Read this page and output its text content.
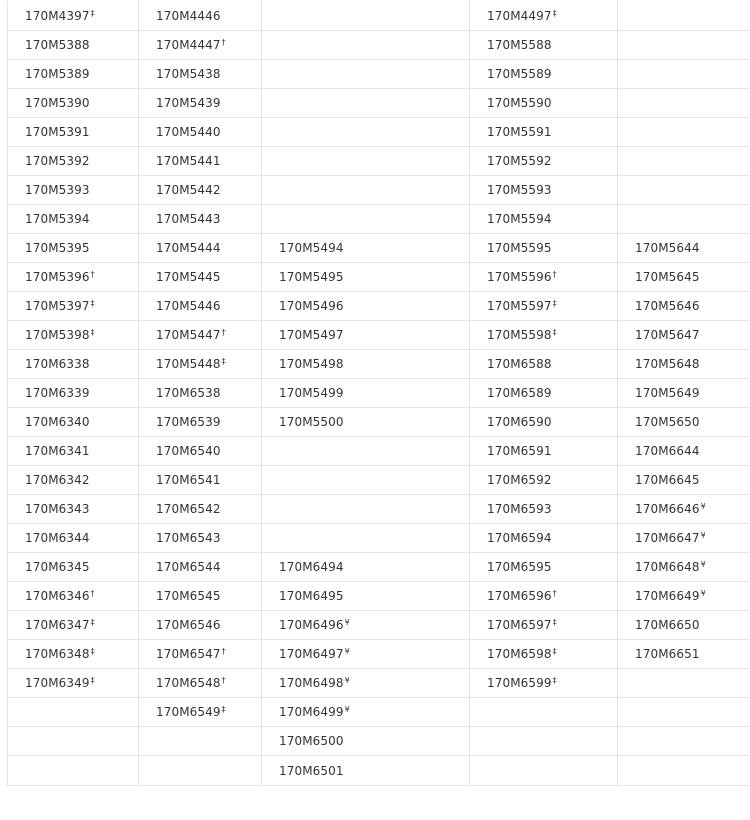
170M4397‡	170M4446		170M4497‡	
170M5388	170M4447†		170M5588	
170M5389	170M5438		170M5589	
170M5390	170M5439		170M5590	
170M5391	170M5440		170M5591	
170M5392	170M5441		170M5592	
170M5393	170M5442		170M5593	
170M5394	170M5443		170M5594	
170M5395	170M5444	170M5494	170M5595	170M5644
170M5396†	170M5445	170M5495	170M5596†	170M5645
170M5397‡	170M5446	170M5496	170M5597‡	170M5646
170M5398‡	170M5447†	170M5497	170M5598‡	170M5647
170M6338	170M5448‡	170M5498	170M6588	170M5648
170M6339	170M6538	170M5499	170M6589	170M5649
170M6340	170M6539	170M5500	170M6590	170M5650
170M6341	170M6540		170M6591	170M6644
170M6342	170M6541		170M6592	170M6645
170M6343	170M6542		170M6593	170M6646¥
170M6344	170M6543		170M6594	170M6647¥
170M6345	170M6544	170M6494	170M6595	170M6648¥
170M6346†	170M6545	170M6495	170M6596†	170M6649¥
170M6347‡	170M6546	170M6496¥	170M6597‡	170M6650
170M6348‡	170M6547†	170M6497¥	170M6598‡	170M6651
170M6349‡	170M6548†	170M6498¥	170M6599‡	
	170M6549‡	170M6499¥		
		170M6500		
		170M6501		
